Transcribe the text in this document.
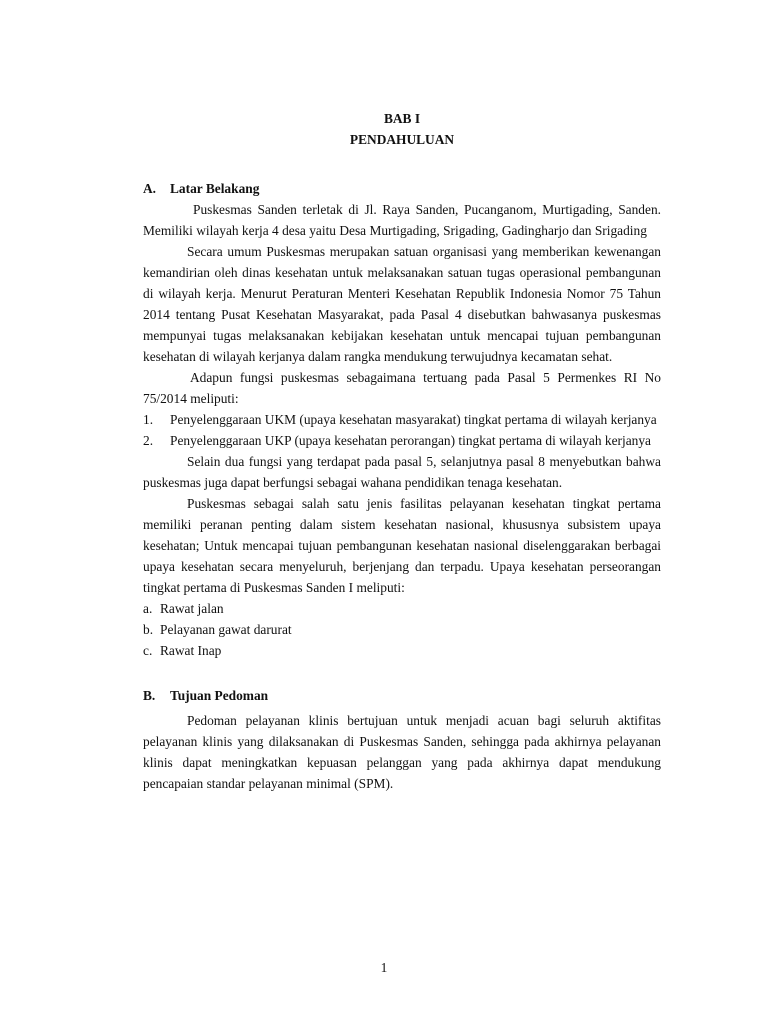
BAB I
PENDAHULUAN
A. Latar Belakang

Puskesmas Sanden terletak di Jl. Raya Sanden, Pucanganom, Murtigading, Sanden. Memiliki wilayah kerja 4 desa yaitu Desa Murtigading, Srigading, Gadingharjo dan Srigading

Secara umum Puskesmas merupakan satuan organisasi yang memberikan kewenangan kemandirian oleh dinas kesehatan untuk melaksanakan satuan tugas operasional pembangunan di wilayah kerja. Menurut Peraturan Menteri Kesehatan Republik Indonesia Nomor 75 Tahun 2014 tentang Pusat Kesehatan Masyarakat, pada Pasal 4 disebutkan bahwasanya puskesmas mempunyai tugas melaksanakan kebijakan kesehatan untuk mencapai tujuan pembangunan kesehatan di wilayah kerjanya dalam rangka mendukung terwujudnya kecamatan sehat.

Adapun fungsi puskesmas sebagaimana tertuang pada Pasal 5 Permenkes RI No 75/2014 meliputi:

1. Penyelenggaraan UKM (upaya kesehatan masyarakat) tingkat pertama di wilayah kerjanya
2. Penyelenggaraan UKP (upaya kesehatan perorangan) tingkat pertama di wilayah kerjanya

Selain dua fungsi yang terdapat pada pasal 5, selanjutnya pasal 8 menyebutkan bahwa puskesmas juga dapat berfungsi sebagai wahana pendidikan tenaga kesehatan.

Puskesmas sebagai salah satu jenis fasilitas pelayanan kesehatan tingkat pertama memiliki peranan penting dalam sistem kesehatan nasional, khususnya subsistem upaya kesehatan; Untuk mencapai tujuan pembangunan kesehatan nasional diselenggarakan berbagai upaya kesehatan secara menyeluruh, berjenjang dan terpadu. Upaya kesehatan perseorangan tingkat pertama di Puskesmas Sanden I meliputi:

a. Rawat jalan
b. Pelayanan gawat darurat
c. Rawat Inap
B. Tujuan Pedoman

Pedoman pelayanan klinis bertujuan untuk menjadi acuan bagi seluruh aktifitas pelayanan klinis yang dilaksanakan di Puskesmas Sanden, sehingga pada akhirnya pelayanan klinis dapat meningkatkan kepuasan pelanggan yang pada akhirnya dapat mendukung pencapaian standar pelayanan minimal (SPM).

1
